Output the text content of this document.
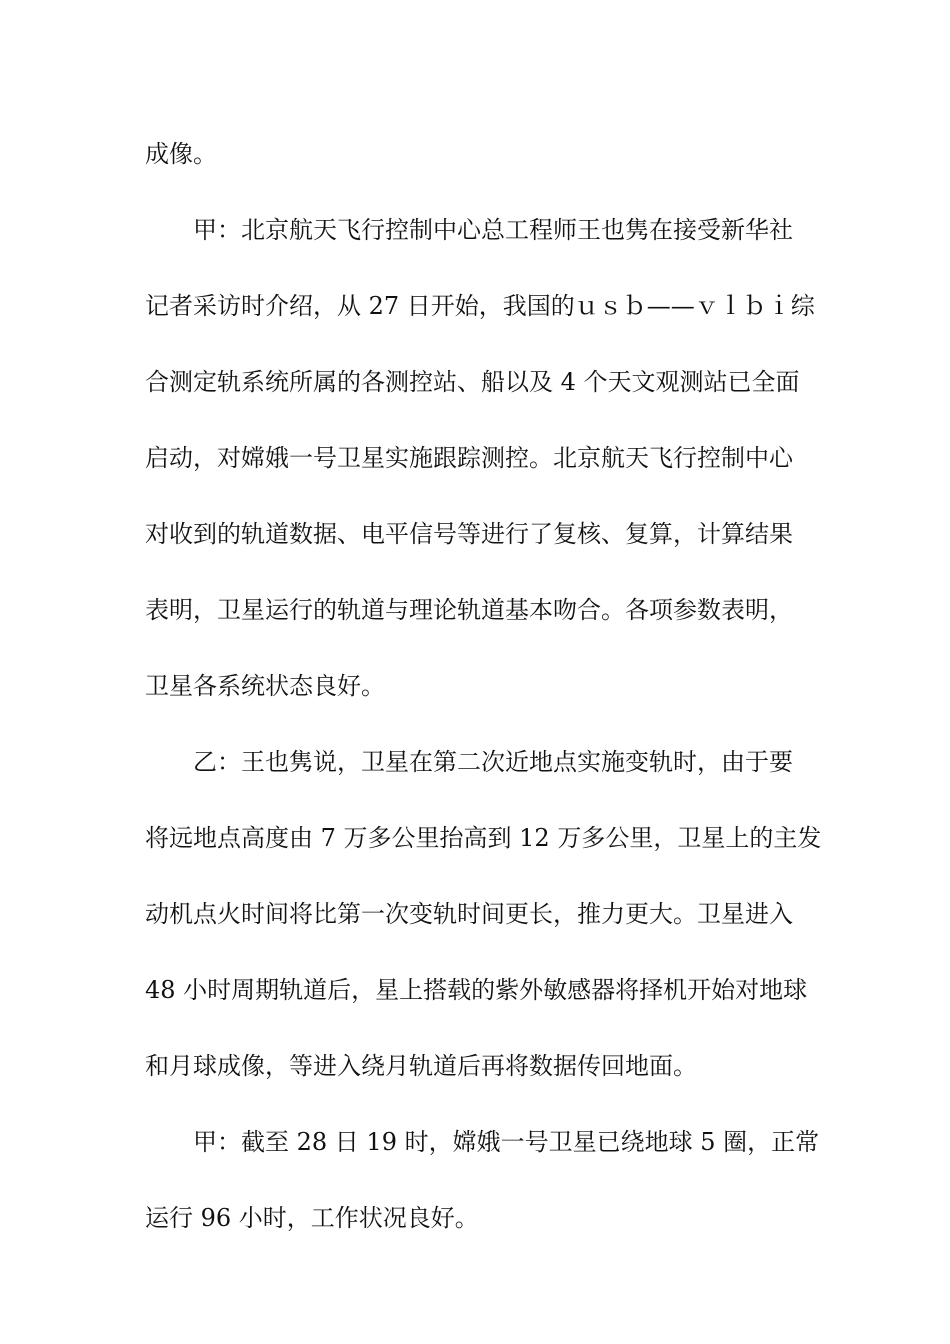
成像。
甲：北京航天飞行控制中心总工程师王也隽在接受新华社
记者采访时介绍，从 27 日开始，我国的ｕｓｂ——ｖｌｂｉ综
合测定轨系统所属的各测控站、船以及 4 个天文观测站已全面
启动，对嫦娥一号卫星实施跟踪测控。北京航天飞行控制中心
对收到的轨道数据、电平信号等进行了复核、复算，计算结果
表明，卫星运行的轨道与理论轨道基本吻合。各项参数表明，
卫星各系统状态良好。
乙：王也隽说，卫星在第二次近地点实施变轨时，由于要
将远地点高度由 7 万多公里抬高到 12 万多公里，卫星上的主发
动机点火时间将比第一次变轨时间更长，推力更大。卫星进入
48 小时周期轨道后，星上搭载的紫外敏感器将择机开始对地球
和月球成像，等进入绕月轨道后再将数据传回地面。
甲：截至 28 日 19 时，嫦娥一号卫星已绕地球 5 圈，正常
运行 96 小时，工作状况良好。
